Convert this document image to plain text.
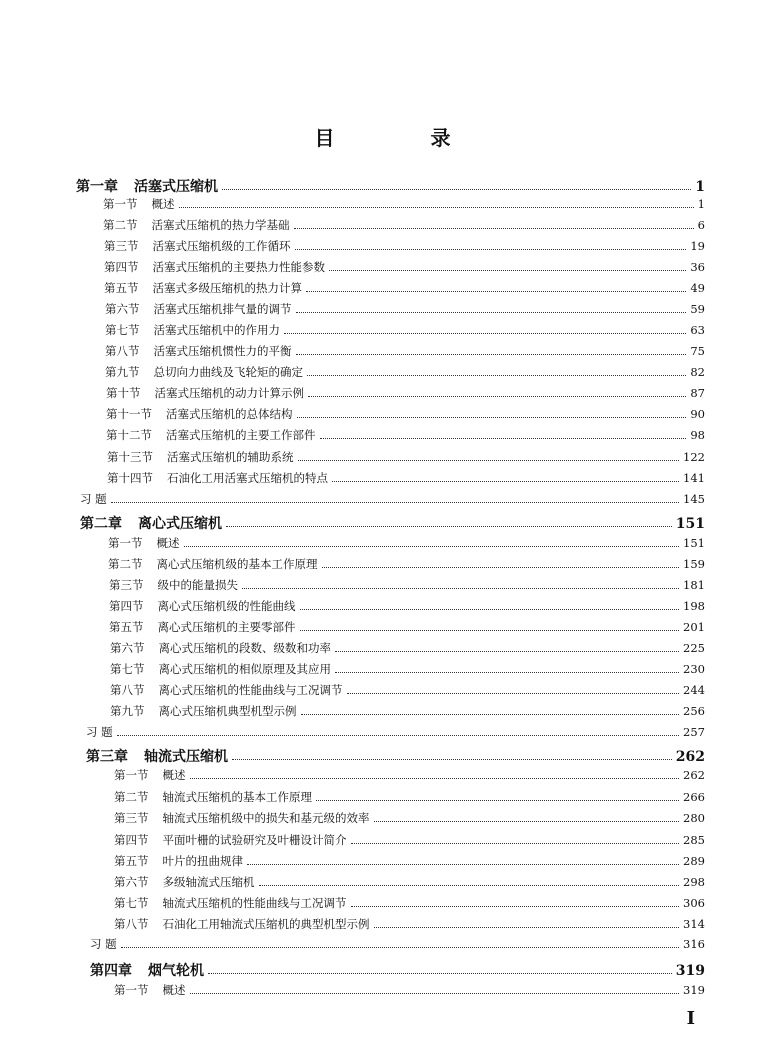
目　录
第一章 活塞式压缩机	1
第一节 概述	1
第二节 活塞式压缩机的热力学基础	6
第三节 活塞式压缩机级的工作循环	19
第四节 活塞式压缩机的主要热力性能参数	36
第五节 活塞式多级压缩机的热力计算	49
第六节 活塞式压缩机排气量的调节	59
第七节 活塞式压缩机中的作用力	63
第八节 活塞式压缩机惯性力的平衡	75
第九节 总切向力曲线及飞轮矩的确定	82
第十节 活塞式压缩机的动力计算示例	87
第十一节 活塞式压缩机的总体结构	90
第十二节 活塞式压缩机的主要工作部件	98
第十三节 活塞式压缩机的辅助系统	122
第十四节 石油化工用活塞式压缩机的特点	141
习 题	145
第二章 离心式压缩机	151
第一节 概述	151
第二节 离心式压缩机级的基本工作原理	159
第三节 级中的能量损失	181
第四节 离心式压缩机级的性能曲线	198
第五节 离心式压缩机的主要零部件	201
第六节 离心式压缩机的段数、级数和功率	225
第七节 离心式压缩机的相似原理及其应用	230
第八节 离心式压缩机的性能曲线与工况调节	244
第九节 离心式压缩机典型机型示例	256
习 题	257
第三章 轴流式压缩机	262
第一节 概述	262
第二节 轴流式压缩机的基本工作原理	266
第三节 轴流式压缩机级中的损失和基元级的效率	280
第四节 平面叶栅的试验研究及叶栅设计简介	285
第五节 叶片的扭曲规律	289
第六节 多级轴流式压缩机	298
第七节 轴流式压缩机的性能曲线与工况调节	306
第八节 石油化工用轴流式压缩机的典型机型示例	314
习 题	316
第四章 烟气轮机	319
第一节 概述	319
I
